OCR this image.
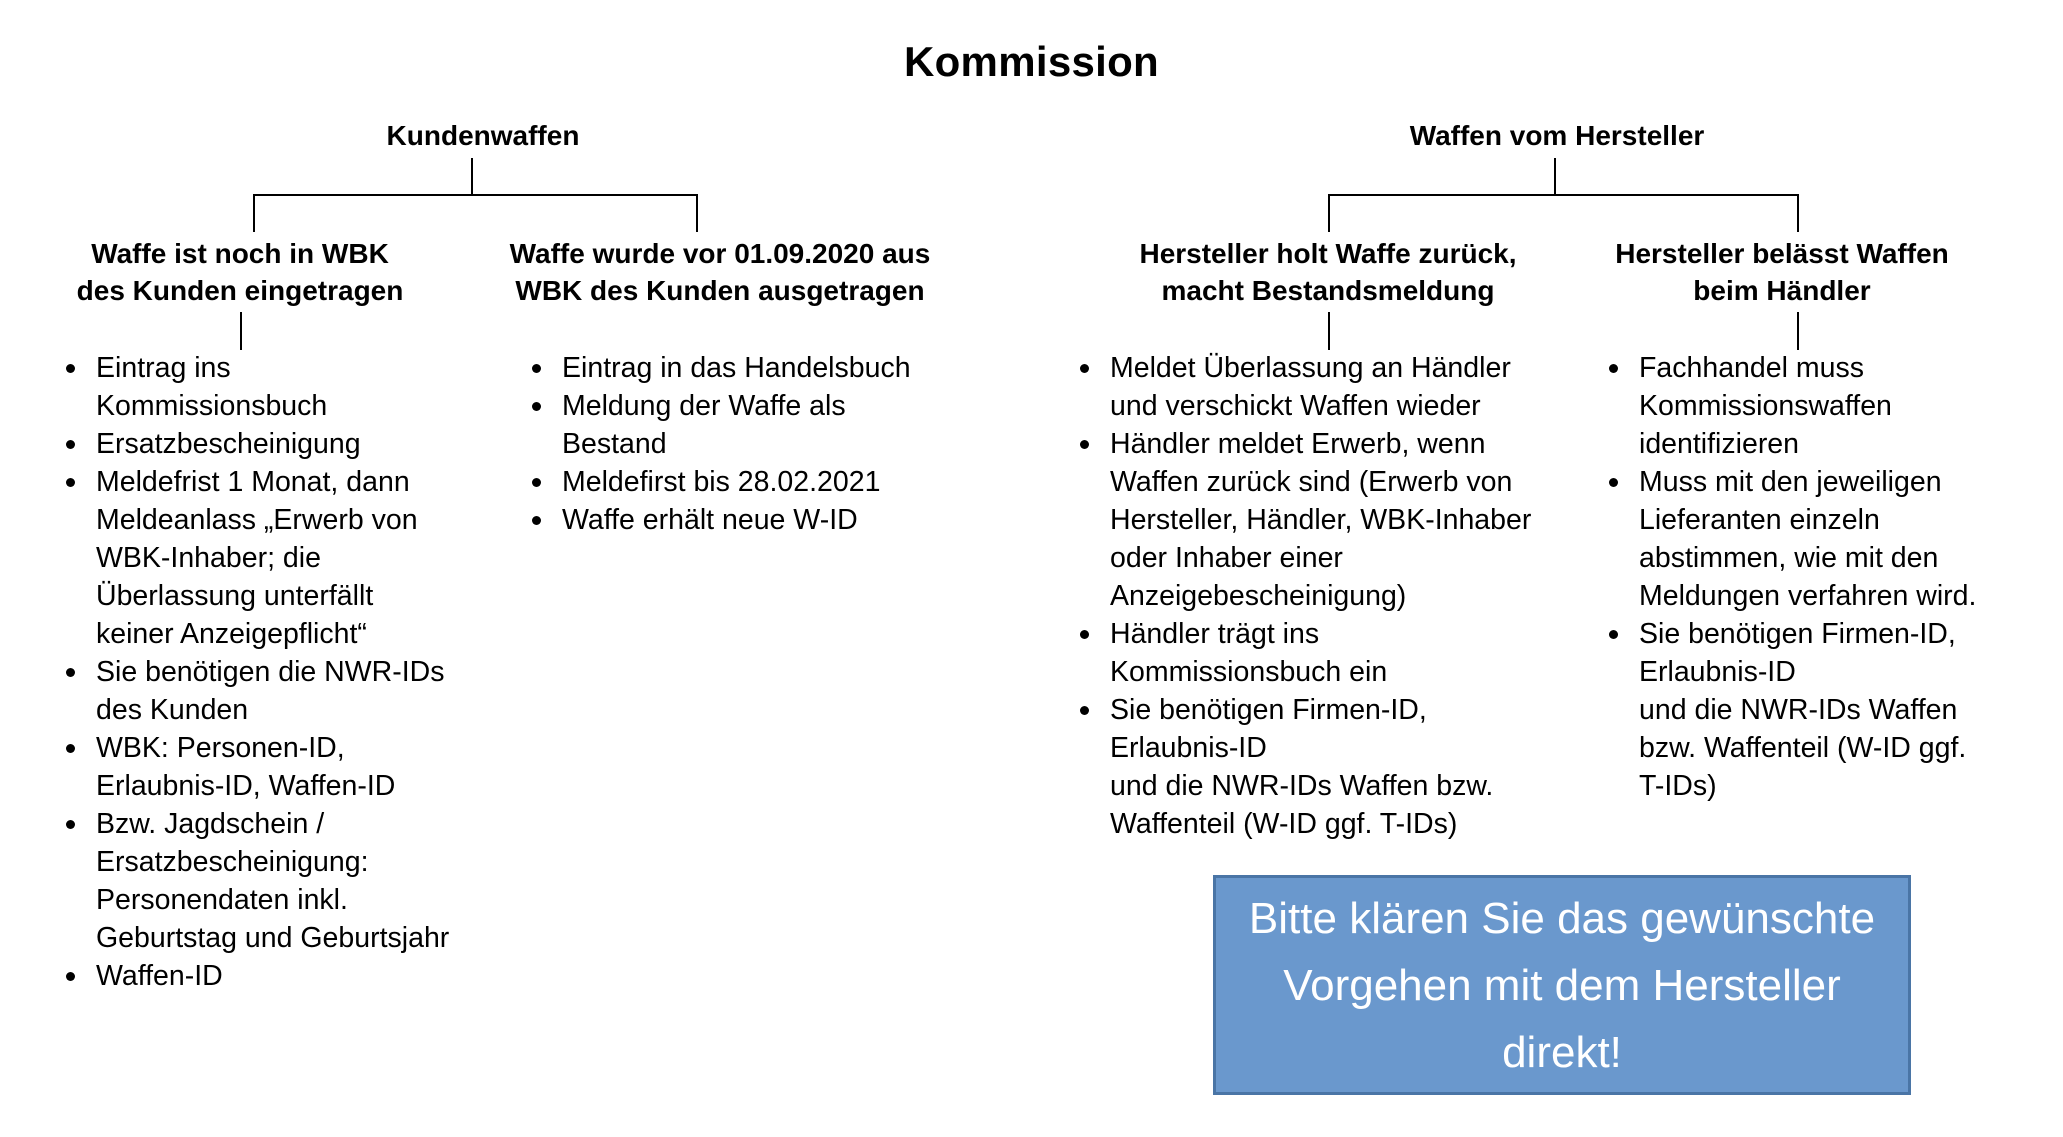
Kommission
Kundenwaffen
Waffe ist noch in WBK
des Kunden eingetragen
Eintrag ins
Kommissionsbuch
Ersatzbescheinigung
Meldefrist 1 Monat, dann
Meldeanlass „Erwerb von
WBK-Inhaber; die
Überlassung unterfällt
keiner Anzeigepflicht“
Sie benötigen die NWR-IDs
des Kunden
WBK: Personen-ID,
Erlaubnis-ID, Waffen-ID
Bzw. Jagdschein /
Ersatzbescheinigung:
Personendaten inkl.
Geburtstag und Geburtsjahr
Waffen-ID
Waffe wurde vor 01.09.2020 aus
WBK des Kunden ausgetragen
Eintrag in das Handelsbuch
Meldung der Waffe als
Bestand
Meldefirst bis 28.02.2021
Waffe erhält neue W-ID
Waffen vom Hersteller
Hersteller holt Waffe zurück,
macht Bestandsmeldung
Meldet Überlassung an Händler
und verschickt Waffen wieder
Händler meldet Erwerb, wenn
Waffen zurück sind (Erwerb von
Hersteller, Händler, WBK-Inhaber
oder Inhaber einer
Anzeigebescheinigung)
Händler trägt ins
Kommissionsbuch ein
Sie benötigen Firmen-ID,
Erlaubnis-ID
und die NWR-IDs Waffen bzw.
Waffenteil (W-ID ggf. T-IDs)
Hersteller belässt Waffen
beim Händler
Fachhandel muss
Kommissionswaffen
identifizieren
Muss mit den jeweiligen
Lieferanten einzeln
abstimmen, wie mit den
Meldungen verfahren wird.
Sie benötigen Firmen-ID,
Erlaubnis-ID
und die NWR-IDs Waffen
bzw. Waffenteil (W-ID ggf.
T-IDs)
Bitte klären Sie das gewünschte
Vorgehen mit dem Hersteller
direkt!
